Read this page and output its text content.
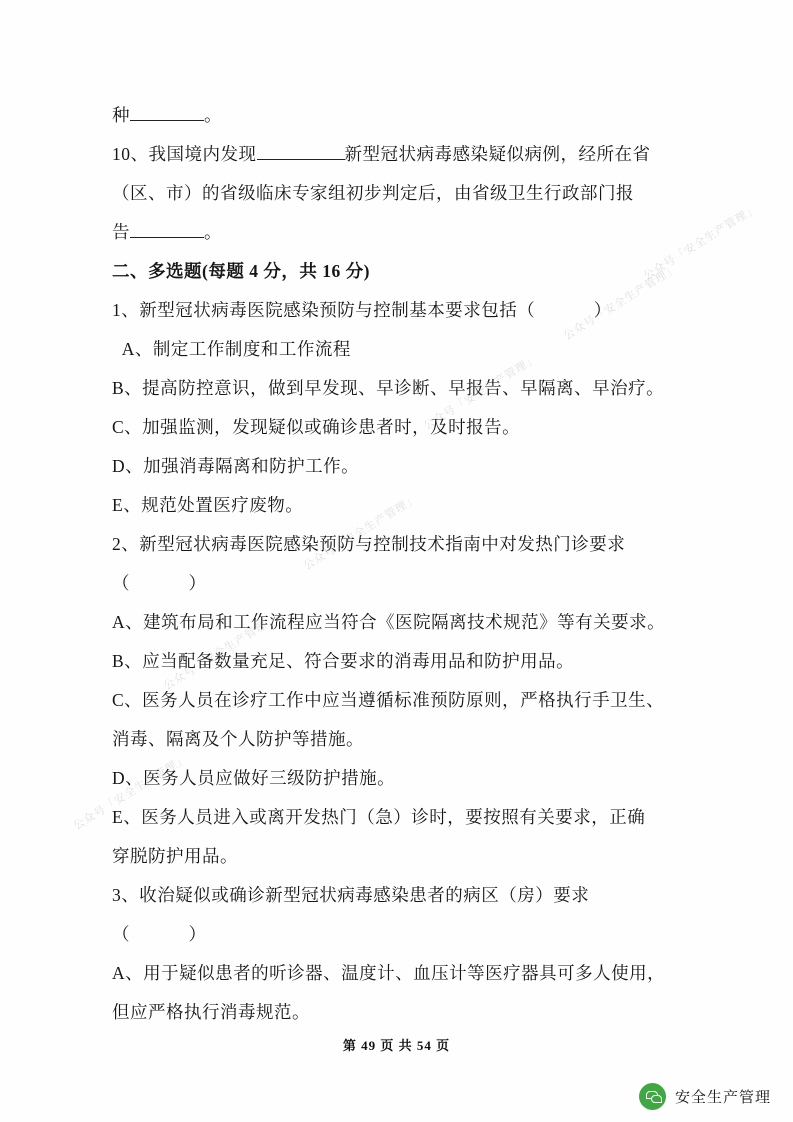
种	。
10、我国境内发现	新型冠状病毒感染疑似病例，经所在省
（区、市）的省级临床专家组初步判定后，由省级卫生行政部门报
告	。
二、多选题(每题 4 分，共 16 分)
1、新型冠状病毒医院感染预防与控制基本要求包括（            ）
A、制定工作制度和工作流程
B、提高防控意识，做到早发现、早诊断、早报告、早隔离、早治疗。
C、加强监测，发现疑似或确诊患者时，及时报告。
D、加强消毒隔离和防护工作。
E、规范处置医疗废物。
2、新型冠状病毒医院感染预防与控制技术指南中对发热门诊要求
（            ）
A、建筑布局和工作流程应当符合《医院隔离技术规范》等有关要求。
B、应当配备数量充足、符合要求的消毒用品和防护用品。
C、医务人员在诊疗工作中应当遵循标准预防原则，严格执行手卫生、
消毒、隔离及个人防护等措施。
D、医务人员应做好三级防护措施。
E、医务人员进入或离开发热门（急）诊时，要按照有关要求，正确
穿脱防护用品。
3、收治疑似或确诊新型冠状病毒感染患者的病区（房）要求
（            ）
A、用于疑似患者的听诊器、温度计、血压计等医疗器具可多人使用，
但应严格执行消毒规范。
公众号「安全生产管理」
公众号「安全生产管理」
公众号「安全生产管理」
公众号「安全生产管理」
公众号「安全生产管理」
公众号「安全生产管理」
第 49 页 共 54 页
安全生产管理
